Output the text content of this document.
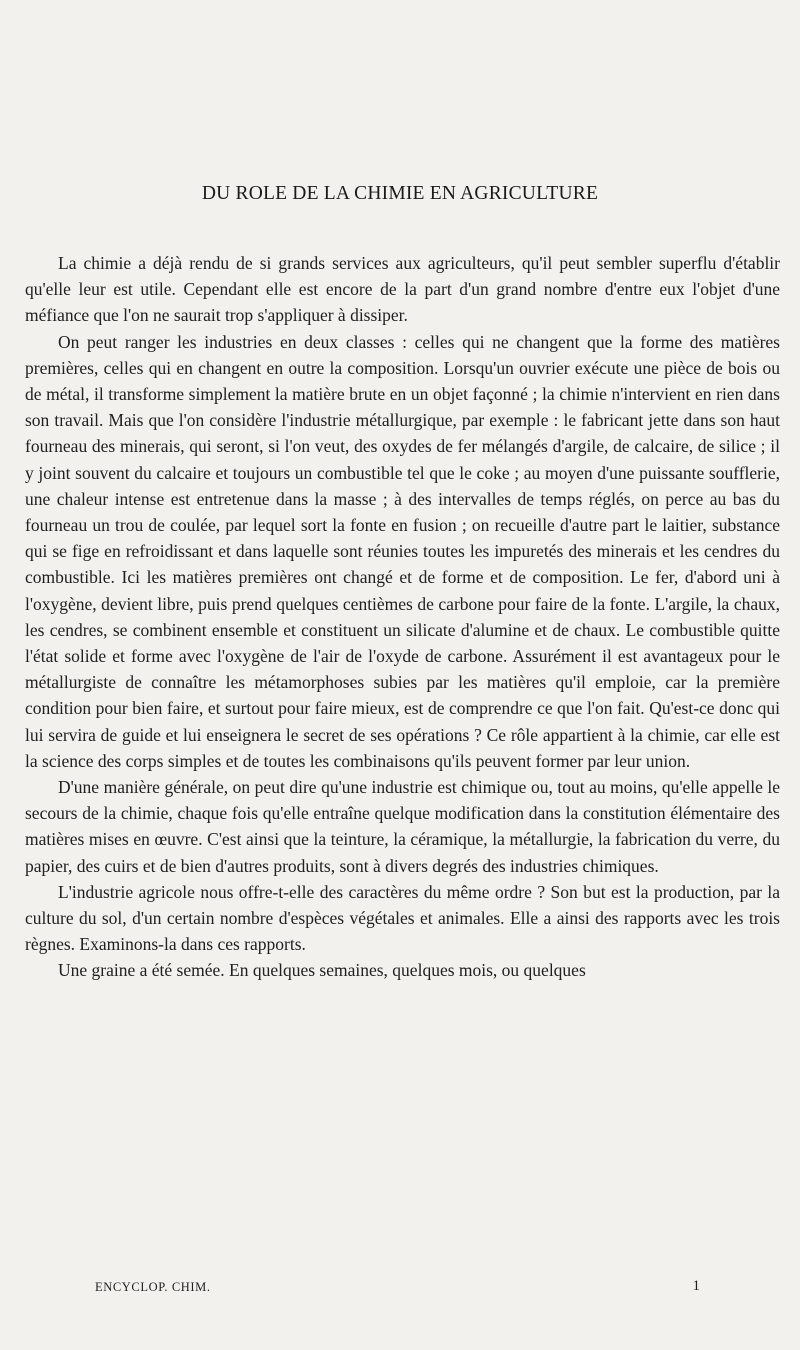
DU ROLE DE LA CHIMIE EN AGRICULTURE

La chimie a déjà rendu de si grands services aux agriculteurs, qu'il peut sembler superflu d'établir qu'elle leur est utile. Cependant elle est encore de la part d'un grand nombre d'entre eux l'objet d'une méfiance que l'on ne saurait trop s'appliquer à dissiper.

On peut ranger les industries en deux classes : celles qui ne changent que la forme des matières premières, celles qui en changent en outre la composition. Lorsqu'un ouvrier exécute une pièce de bois ou de métal, il transforme simplement la matière brute en un objet façonné ; la chimie n'intervient en rien dans son travail. Mais que l'on considère l'industrie métallurgique, par exemple : le fabricant jette dans son haut fourneau des minerais, qui seront, si l'on veut, des oxydes de fer mélangés d'argile, de calcaire, de silice ; il y joint souvent du calcaire et toujours un combustible tel que le coke ; au moyen d'une puissante soufflerie, une chaleur intense est entretenue dans la masse ; à des intervalles de temps réglés, on perce au bas du fourneau un trou de coulée, par lequel sort la fonte en fusion ; on recueille d'autre part le laitier, substance qui se fige en refroidissant et dans laquelle sont réunies toutes les impuretés des minerais et les cendres du combustible. Ici les matières premières ont changé et de forme et de composition. Le fer, d'abord uni à l'oxygène, devient libre, puis prend quelques centièmes de carbone pour faire de la fonte. L'argile, la chaux, les cendres, se combinent ensemble et constituent un silicate d'alumine et de chaux. Le combustible quitte l'état solide et forme avec l'oxygène de l'air de l'oxyde de carbone. Assurément il est avantageux pour le métallurgiste de connaître les métamorphoses subies par les matières qu'il emploie, car la première condition pour bien faire, et surtout pour faire mieux, est de comprendre ce que l'on fait. Qu'est-ce donc qui lui servira de guide et lui enseignera le secret de ses opérations ? Ce rôle appartient à la chimie, car elle est la science des corps simples et de toutes les combinaisons qu'ils peuvent former par leur union.

D'une manière générale, on peut dire qu'une industrie est chimique ou, tout au moins, qu'elle appelle le secours de la chimie, chaque fois qu'elle entraîne quelque modification dans la constitution élémentaire des matières mises en œuvre. C'est ainsi que la teinture, la céramique, la métallurgie, la fabrication du verre, du papier, des cuirs et de bien d'autres produits, sont à divers degrés des industries chimiques.

L'industrie agricole nous offre-t-elle des caractères du même ordre ? Son but est la production, par la culture du sol, d'un certain nombre d'espèces végétales et animales. Elle a ainsi des rapports avec les trois règnes. Examinons-la dans ces rapports.

Une graine a été semée. En quelques semaines, quelques mois, ou quelques

ENCYCLOP. CHIM.	1
